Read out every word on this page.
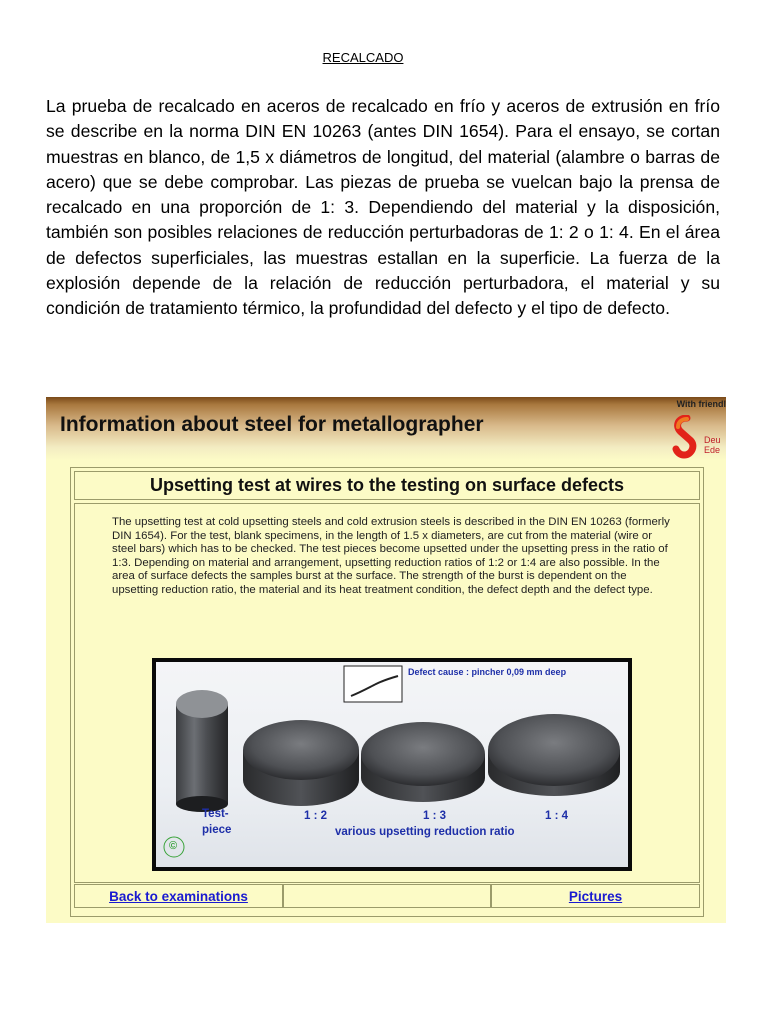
RECALCADO

La prueba de recalcado en aceros de recalcado en frío y aceros de extrusión en frío se describe en la norma DIN EN 10263 (antes DIN 1654). Para el ensayo, se cortan muestras en blanco, de 1,5 x diámetros de longitud, del material (alambre o barras de acero) que se debe comprobar. Las piezas de prueba se vuelcan bajo la prensa de recalcado en una proporción de 1: 3. Dependiendo del material y la disposición, también son posibles relaciones de reducción perturbadoras de 1: 2 o 1: 4. En el área de defectos superficiales, las muestras estallan en la superficie. La fuerza de la explosión depende de la relación de reducción perturbadora, el material y su condición de tratamiento térmico, la profundidad del defecto y el tipo de defecto.

With friendl
Information about steel for metallographer
Deu
Ede
Upsetting test at wires to the testing on surface defects

The upsetting test at cold upsetting steels and cold extrusion steels is described in the DIN EN 10263 (formerly DIN 1654). For the test, blank specimens, in the length of 1.5 x diameters, are cut from the material (wire or steel bars) which has to be checked. The test pieces become upsetted under the upsetting press in the ratio of 1:3. Depending on material and arrangement, upsetting reduction ratios of 1:2 or 1:4 are also possible. In the area of surface defects the samples burst at the surface. The strength of the burst is dependent on the upsetting reduction ratio, the material and its heat treatment condition, the defect depth and the defect type.

Defect cause : pincher 0,09 mm deep
Test-
piece
1 : 2	1 : 3	1 : 4
various upsetting reduction ratio
©
Back to examinations	Pictures
